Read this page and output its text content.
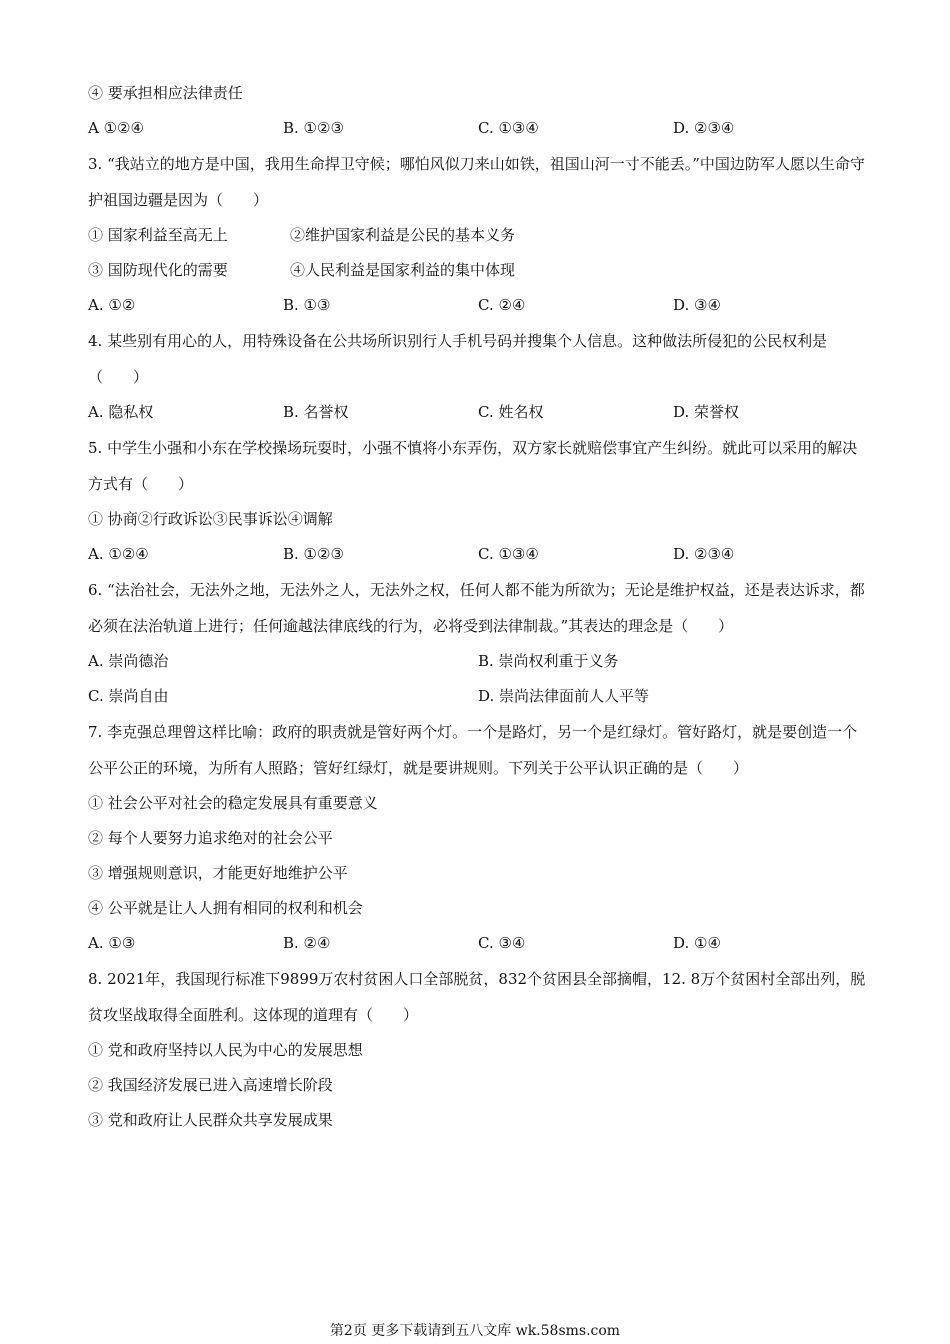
④ 要承担相应法律责任
A ①②④	B. ①②③	C. ①③④	D. ②③④
3. “我站立的地方是中国，我用生命捍卫守候；哪怕风似刀来山如铁，祖国山河一寸不能丢。”中国边防军人愿以生命守护祖国边疆是因为（　　）
① 国家利益至高无上	②维护国家利益是公民的基本义务
③ 国防现代化的需要	④人民利益是国家利益的集中体现
A. ①②	B. ①③	C. ②④	D. ③④
4. 某些别有用心的人，用特殊设备在公共场所识别行人手机号码并搜集个人信息。这种做法所侵犯的公民权利是（　　）
A. 隐私权	B. 名誉权	C. 姓名权	D. 荣誉权
5. 中学生小强和小东在学校操场玩耍时，小强不慎将小东弄伤，双方家长就赔偿事宜产生纠纷。就此可以采用的解决方式有（　　）
① 协商②行政诉讼③民事诉讼④调解
A. ①②④	B. ①②③	C. ①③④	D. ②③④
6. “法治社会，无法外之地，无法外之人，无法外之权，任何人都不能为所欲为；无论是维护权益，还是表达诉求，都必须在法治轨道上进行；任何逾越法律底线的行为，必将受到法律制裁。”其表达的理念是（　　）
A. 崇尚德治	B. 崇尚权利重于义务
C. 崇尚自由	D. 崇尚法律面前人人平等
7. 李克强总理曾这样比喻：政府的职责就是管好两个灯。一个是路灯，另一个是红绿灯。管好路灯，就是要创造一个公平公正的环境，为所有人照路；管好红绿灯，就是要讲规则。下列关于公平认识正确的是（　　）
① 社会公平对社会的稳定发展具有重要意义
② 每个人要努力追求绝对的社会公平
③ 增强规则意识，才能更好地维护公平
④ 公平就是让人人拥有相同的权利和机会
A. ①③	B. ②④	C. ③④	D. ①④
8. 2021年，我国现行标准下9899万农村贫困人口全部脱贫，832个贫困县全部摘帽，12. 8万个贫困村全部出列，脱贫攻坚战取得全面胜利。这体现的道理有（　　）
① 党和政府坚持以人民为中心的发展思想
② 我国经济发展已进入高速增长阶段
③ 党和政府让人民群众共享发展成果
第2页 更多下载请到五八文库 wk.58sms.com
